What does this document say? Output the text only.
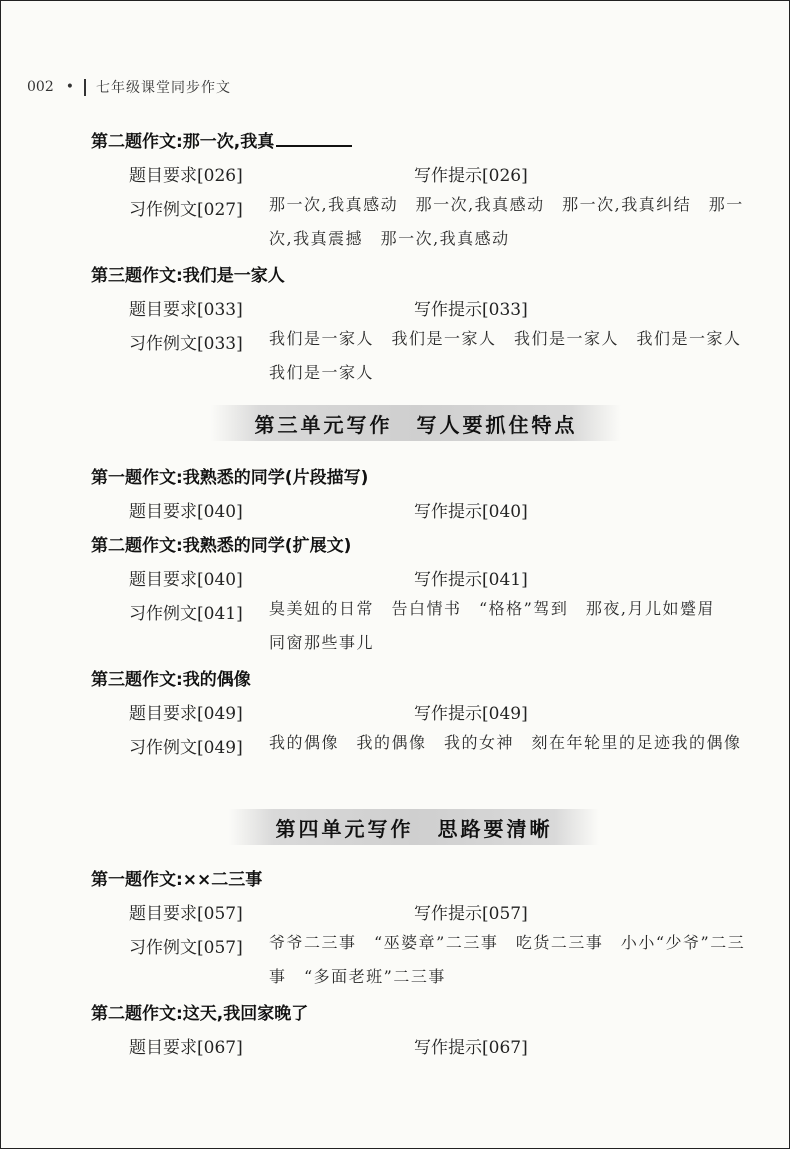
002 • 七年级课堂同步作文
第二题作文:那一次,我真
题目要求[026]	写作提示[026]
习作例文[027] 那一次,我真感动　那一次,我真感动　那一次,我真纠结　那一次,我真震撼　那一次,我真感动
第三题作文:我们是一家人
题目要求[033]	写作提示[033]
习作例文[033] 我们是一家人　我们是一家人　我们是一家人　我们是一家人　我们是一家人
第三单元写作 写人要抓住特点
第一题作文:我熟悉的同学(片段描写)
题目要求[040]	写作提示[040]
第二题作文:我熟悉的同学(扩展文)
题目要求[040]	写作提示[041]
习作例文[041] 臭美妞的日常　告白情书　“格格”驾到　那夜,月儿如蹙眉　同窗那些事儿
第三题作文:我的偶像
题目要求[049]	写作提示[049]
习作例文[049] 我的偶像　我的偶像　我的女神　刻在年轮里的足迹我的偶像
第四单元写作 思路要清晰
第一题作文:××二三事
题目要求[057]	写作提示[057]
习作例文[057] 爷爷二三事　“巫婆章”二三事　吃货二三事　小小“少爷”二三事　“多面老班”二三事
第二题作文:这天,我回家晚了
题目要求[067]	写作提示[067]
